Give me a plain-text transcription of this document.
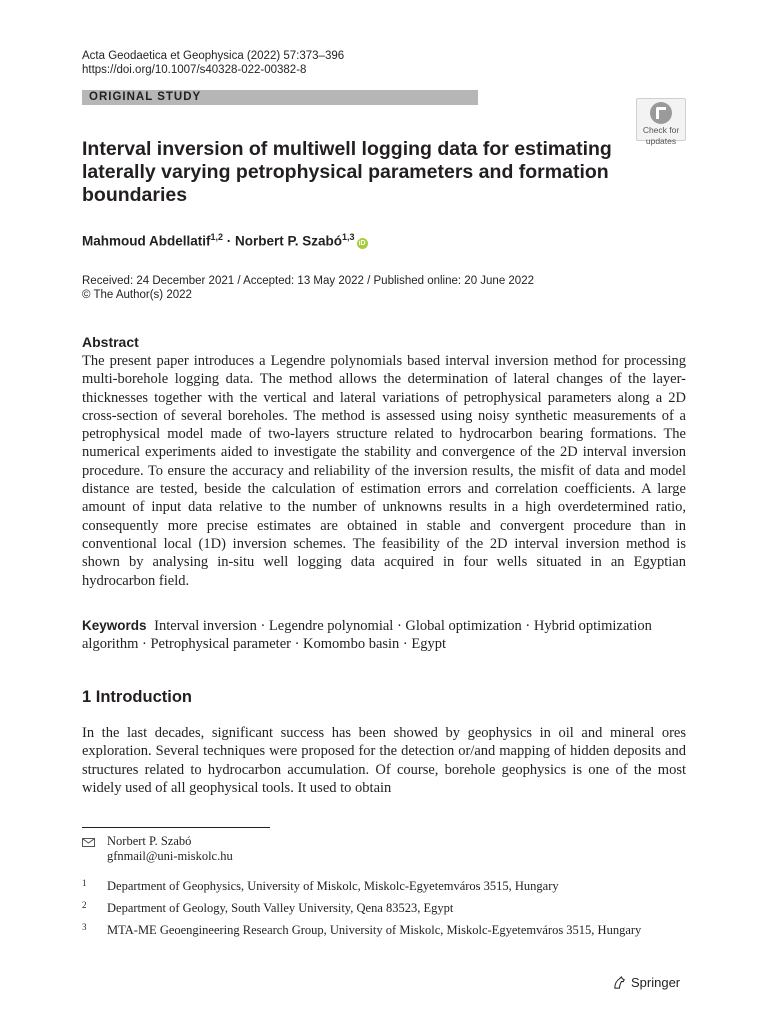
Acta Geodaetica et Geophysica (2022) 57:373–396
https://doi.org/10.1007/s40328-022-00382-8
ORIGINAL STUDY
Check for
updates
Interval inversion of multiwell logging data for estimating laterally varying petrophysical parameters and formation boundaries
Mahmoud Abdellatif$^{1,2}$ · Norbert P. Szabó$^{1,3}$iD
Received: 24 December 2021 / Accepted: 13 May 2022 / Published online: 20 June 2022
© The Author(s) 2022
Abstract
The present paper introduces a Legendre polynomials based interval inversion method for processing multi-borehole logging data. The method allows the determination of lateral changes of the layer-thicknesses together with the vertical and lateral variations of petrophysical parameters along a 2D cross-section of several boreholes. The method is assessed using noisy synthetic measurements of a petrophysical model made of two-layers structure related to hydrocarbon bearing formations. The numerical experiments aided to investigate the stability and convergence of the 2D interval inversion procedure. To ensure the accuracy and reliability of the inversion results, the misfit of data and model distance are tested, beside the calculation of estimation errors and correlation coefficients. A large amount of input data relative to the number of unknowns results in a high overdetermined ratio, consequently more precise estimates are obtained in stable and convergent procedure than in conventional local (1D) inversion schemes. The feasibility of the 2D interval inversion method is shown by analysing in-situ well logging data acquired in four wells situated in an Egyptian hydrocarbon field.
Keywords Interval inversion · Legendre polynomial · Global optimization · Hybrid optimization algorithm · Petrophysical parameter · Komombo basin · Egypt
1 Introduction
In the last decades, significant success has been showed by geophysics in oil and mineral ores exploration. Several techniques were proposed for the detection or/and mapping of hidden deposits and structures related to hydrocarbon accumulation. Of course, borehole geophysics is one of the most widely used of all geophysical tools. It used to obtain
Norbert P. Szabó
gfnmail@uni-miskolc.hu
1 Department of Geophysics, University of Miskolc, Miskolc-Egyetemváros 3515, Hungary
2 Department of Geology, South Valley University, Qena 83523, Egypt
3 MTA-ME Geoengineering Research Group, University of Miskolc, Miskolc-Egyetemváros 3515, Hungary
Springer
